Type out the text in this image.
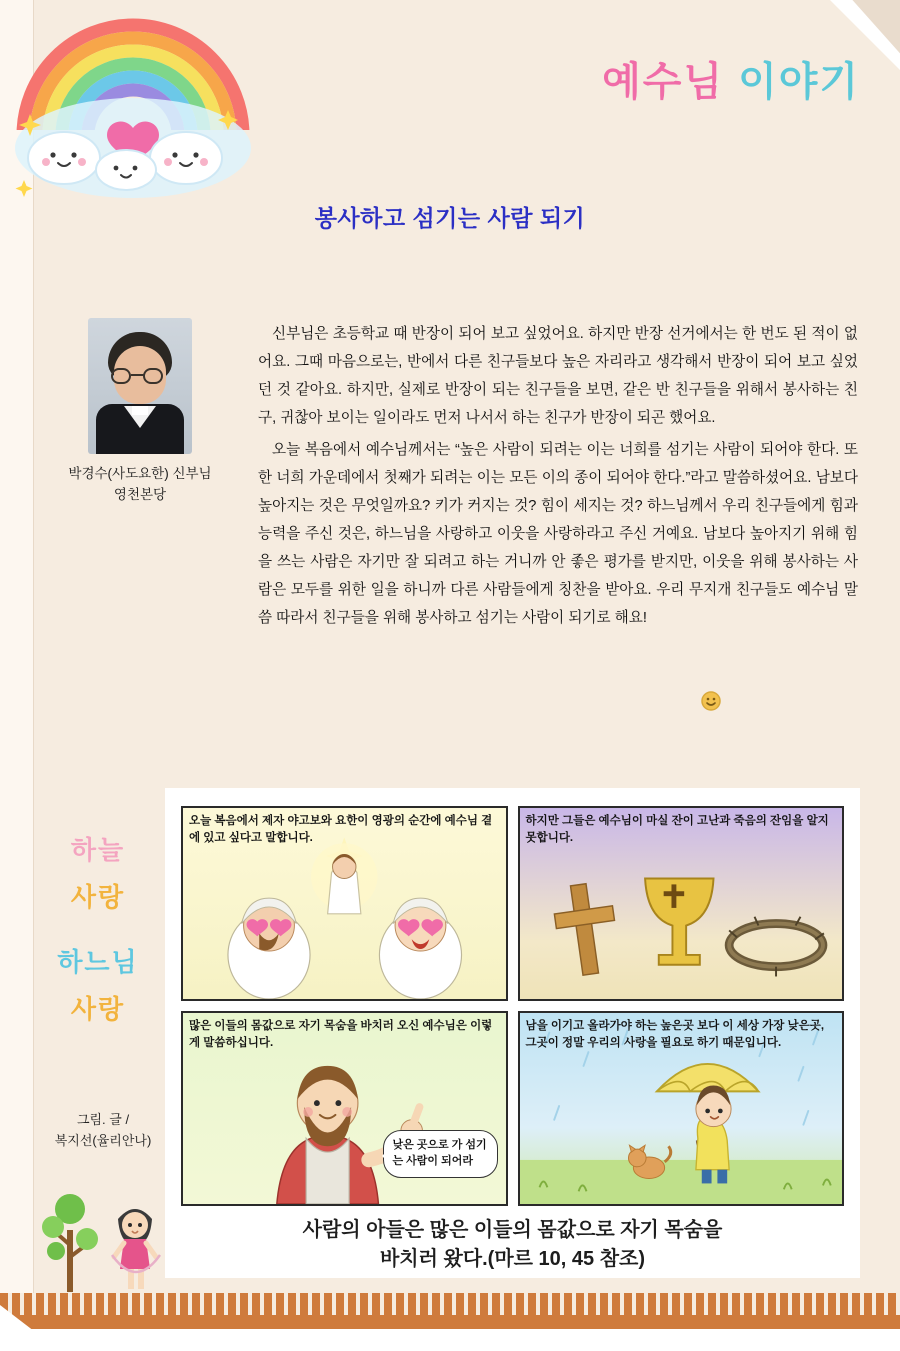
예수님 이야기
봉사하고 섬기는 사람 되기
박경수(사도요한) 신부님
영천본당

신부님은 초등학교 때 반장이 되어 보고 싶었어요. 하지만 반장 선거에서는 한 번도 된 적이 없어요. 그때 마음으로는, 반에서 다른 친구들보다 높은 자리라고 생각해서 반장이 되어 보고 싶었던 것 같아요. 하지만, 실제로 반장이 되는 친구들을 보면, 같은 반 친구들을 위해서 봉사하는 친구, 귀찮아 보이는 일이라도 먼저 나서서 하는 친구가 반장이 되곤 했어요.

오늘 복음에서 예수님께서는 “높은 사람이 되려는 이는 너희를 섬기는 사람이 되어야 한다. 또한 너희 가운데에서 첫째가 되려는 이는 모든 이의 종이 되어야 한다.”라고 말씀하셨어요. 남보다 높아지는 것은 무엇일까요? 키가 커지는 것? 힘이 세지는 것? 하느님께서 우리 친구들에게 힘과 능력을 주신 것은, 하느님을 사랑하고 이웃을 사랑하라고 주신 거예요. 남보다 높아지기 위해 힘을 쓰는 사람은 자기만 잘 되려고 하는 거니까 안 좋은 평가를 받지만, 이웃을 위해 봉사하는 사람은 모두를 위한 일을 하니까 다른 사람들에게 칭찬을 받아요. 우리 무지개 친구들도 예수님 말씀 따라서 친구들을 위해 봉사하고 섬기는 사람이 되기로 해요!

하늘
사랑
하느님
사랑
그림. 글 /
복지선(율리안나)
오늘 복음에서 제자 야고보와 요한이 영광의 순간에 예수님 곁에 있고 싶다고 말합니다.
하지만 그들은 예수님이 마실 잔이 고난과 죽음의 잔임을 알지 못합니다.
많은 이들의 몸값으로 자기 목숨을 바치러 오신 예수님은 이렇게 말씀하십니다.
낮은 곳으로 가 섬기는 사람이 되어라
남을 이기고 올라가야 하는 높은곳 보다 이 세상 가장 낮은곳, 그곳이 정말 우리의 사랑을 필요로 하기 때문입니다.
사람의 아들은 많은 이들의 몸값으로 자기 목숨을
바치러 왔다.(마르 10, 45 참조)
